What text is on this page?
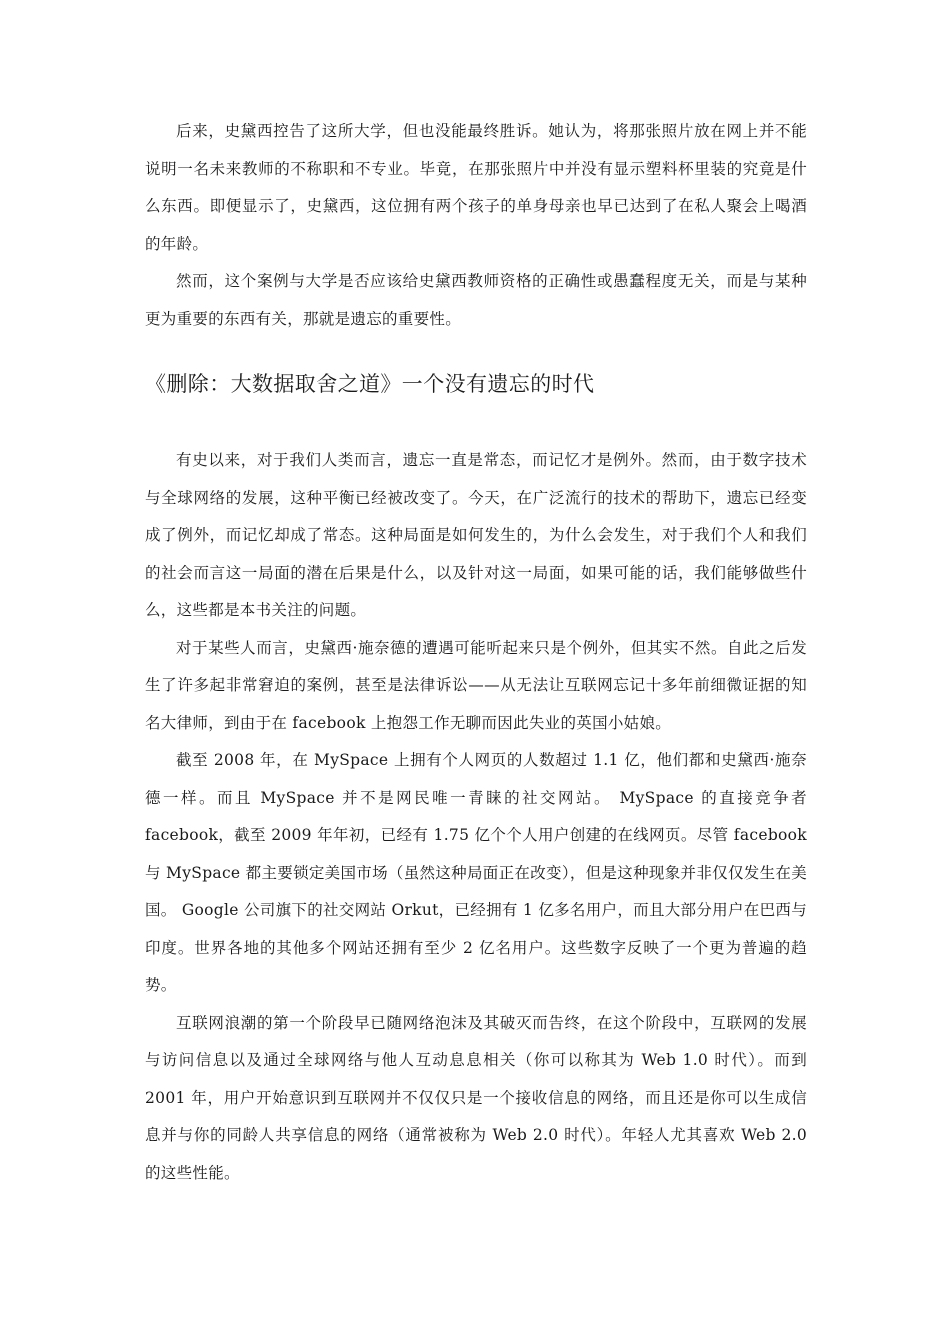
后来，史黛西控告了这所大学，但也没能最终胜诉。她认为，将那张照片放在网上并不能说明一名未来教师的不称职和不专业。毕竟，在那张照片中并没有显示塑料杯里装的究竟是什么东西。即便显示了，史黛西，这位拥有两个孩子的单身母亲也早已达到了在私人聚会上喝酒的年龄。

然而，这个案例与大学是否应该给史黛西教师资格的正确性或愚蠢程度无关，而是与某种更为重要的东西有关，那就是遗忘的重要性。

《删除：大数据取舍之道》一个没有遗忘的时代

有史以来，对于我们人类而言，遗忘一直是常态，而记忆才是例外。然而，由于数字技术与全球网络的发展，这种平衡已经被改变了。今天，在广泛流行的技术的帮助下，遗忘已经变成了例外，而记忆却成了常态。这种局面是如何发生的，为什么会发生，对于我们个人和我们的社会而言这一局面的潜在后果是什么，以及针对这一局面，如果可能的话，我们能够做些什么，这些都是本书关注的问题。

对于某些人而言，史黛西·施奈德的遭遇可能听起来只是个例外，但其实不然。自此之后发生了许多起非常窘迫的案例，甚至是法律诉讼——从无法让互联网忘记十多年前细微证据的知名大律师，到由于在 facebook 上抱怨工作无聊而因此失业的英国小姑娘。

截至 2008 年，在 MySpace 上拥有个人网页的人数超过 1.1 亿，他们都和史黛西·施奈德一样。而且 MySpace 并不是网民唯一青睐的社交网站。 MySpace 的直接竞争者 facebook，截至 2009 年年初，已经有 1.75 亿个个人用户创建的在线网页。尽管 facebook 与 MySpace 都主要锁定美国市场（虽然这种局面正在改变），但是这种现象并非仅仅发生在美国。 Google 公司旗下的社交网站 Orkut，已经拥有 1 亿多名用户，而且大部分用户在巴西与印度。世界各地的其他多个网站还拥有至少 2 亿名用户。这些数字反映了一个更为普遍的趋势。

互联网浪潮的第一个阶段早已随网络泡沫及其破灭而告终，在这个阶段中，互联网的发展与访问信息以及通过全球网络与他人互动息息相关（你可以称其为 Web 1.0 时代）。而到 2001 年，用户开始意识到互联网并不仅仅只是一个接收信息的网络，而且还是你可以生成信息并与你的同龄人共享信息的网络（通常被称为 Web 2.0 时代）。年轻人尤其喜欢 Web 2.0 的这些性能。
